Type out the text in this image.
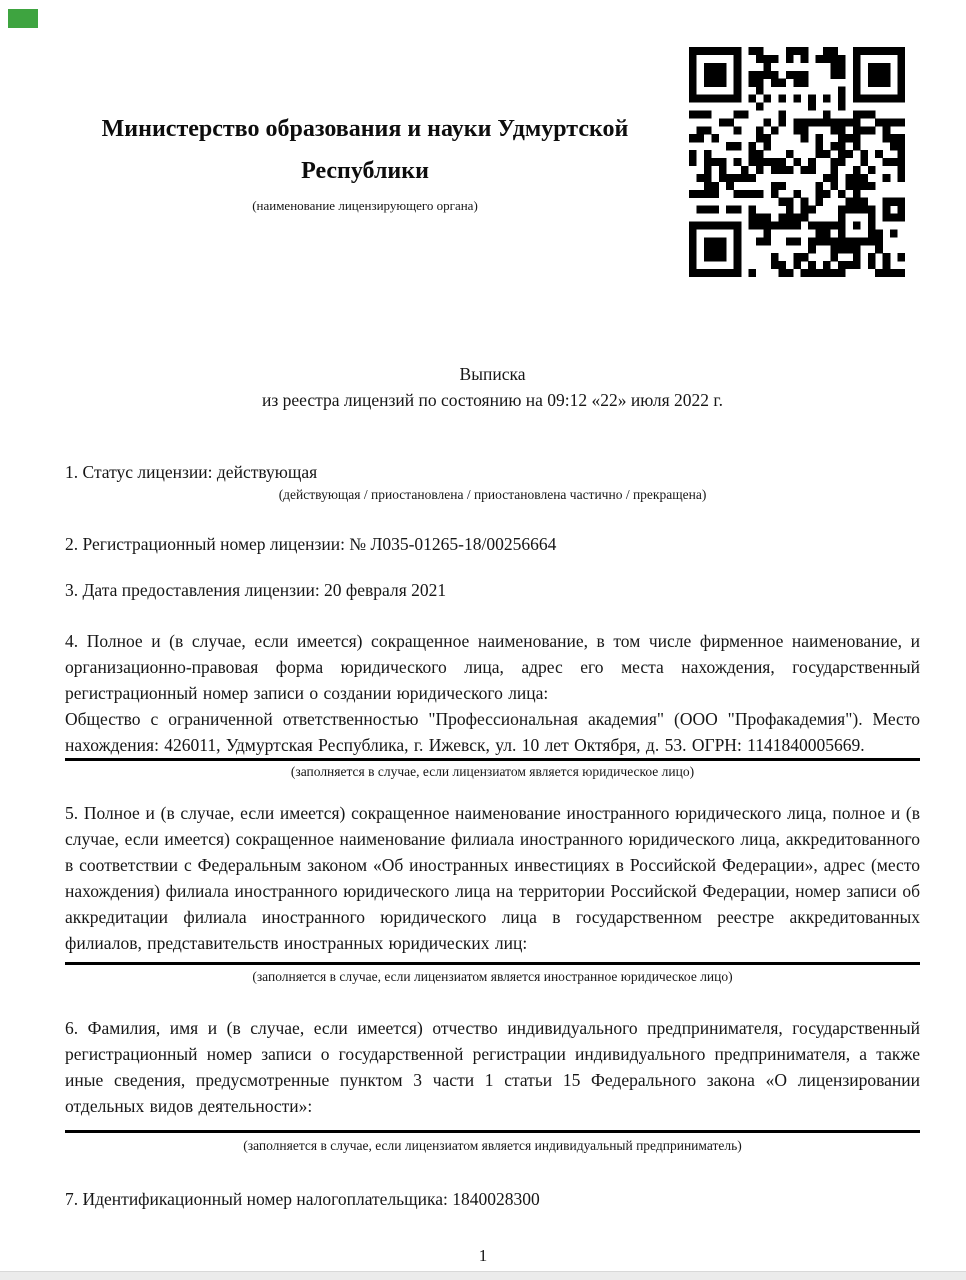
Министерство образования и науки Удмуртской Республики
(наименование лицензирующего органа)
Выписка
из реестра лицензий по состоянию на 09:12 «22» июля 2022 г.

1. Статус лицензии: действующая

(действующая / приостановлена / приостановлена частично / прекращена)

2. Регистрационный номер лицензии: № Л035-01265-18/00256664

3. Дата предоставления лицензии: 20 февраля 2021

4. Полное и (в случае, если имеется) сокращенное наименование, в том числе фирменное наименование, и организационно-правовая форма юридического лица, адрес его места нахождения, государственный регистрационный номер записи о создании юридического лица:

Общество с ограниченной ответственностью "Профессиональная академия" (ООО "Профакадемия"). Место нахождения: 426011, Удмуртская Республика, г. Ижевск, ул. 10 лет Октября, д. 53. ОГРН: 1141840005669.

(заполняется в случае, если лицензиатом является юридическое лицо)

5. Полное и (в случае, если имеется) сокращенное наименование иностранного юридического лица, полное и (в случае, если имеется) сокращенное наименование филиала иностранного юридического лица, аккредитованного в соответствии с Федеральным законом «Об иностранных инвестициях в Российской Федерации», адрес (место нахождения) филиала иностранного юридического лица на территории Российской Федерации, номер записи об аккредитации филиала иностранного юридического лица в государственном реестре аккредитованных филиалов, представительств иностранных юридических лиц:

(заполняется в случае, если лицензиатом является иностранное юридическое лицо)

6. Фамилия, имя и (в случае, если имеется) отчество индивидуального предпринимателя, государственный регистрационный номер записи о государственной регистрации индивидуального предпринимателя, а также иные сведения, предусмотренные пунктом 3 части 1 статьи 15 Федерального закона «О лицензировании отдельных видов деятельности»:

(заполняется в случае, если лицензиатом является индивидуальный предприниматель)

7. Идентификационный номер налогоплательщика: 1840028300

1
